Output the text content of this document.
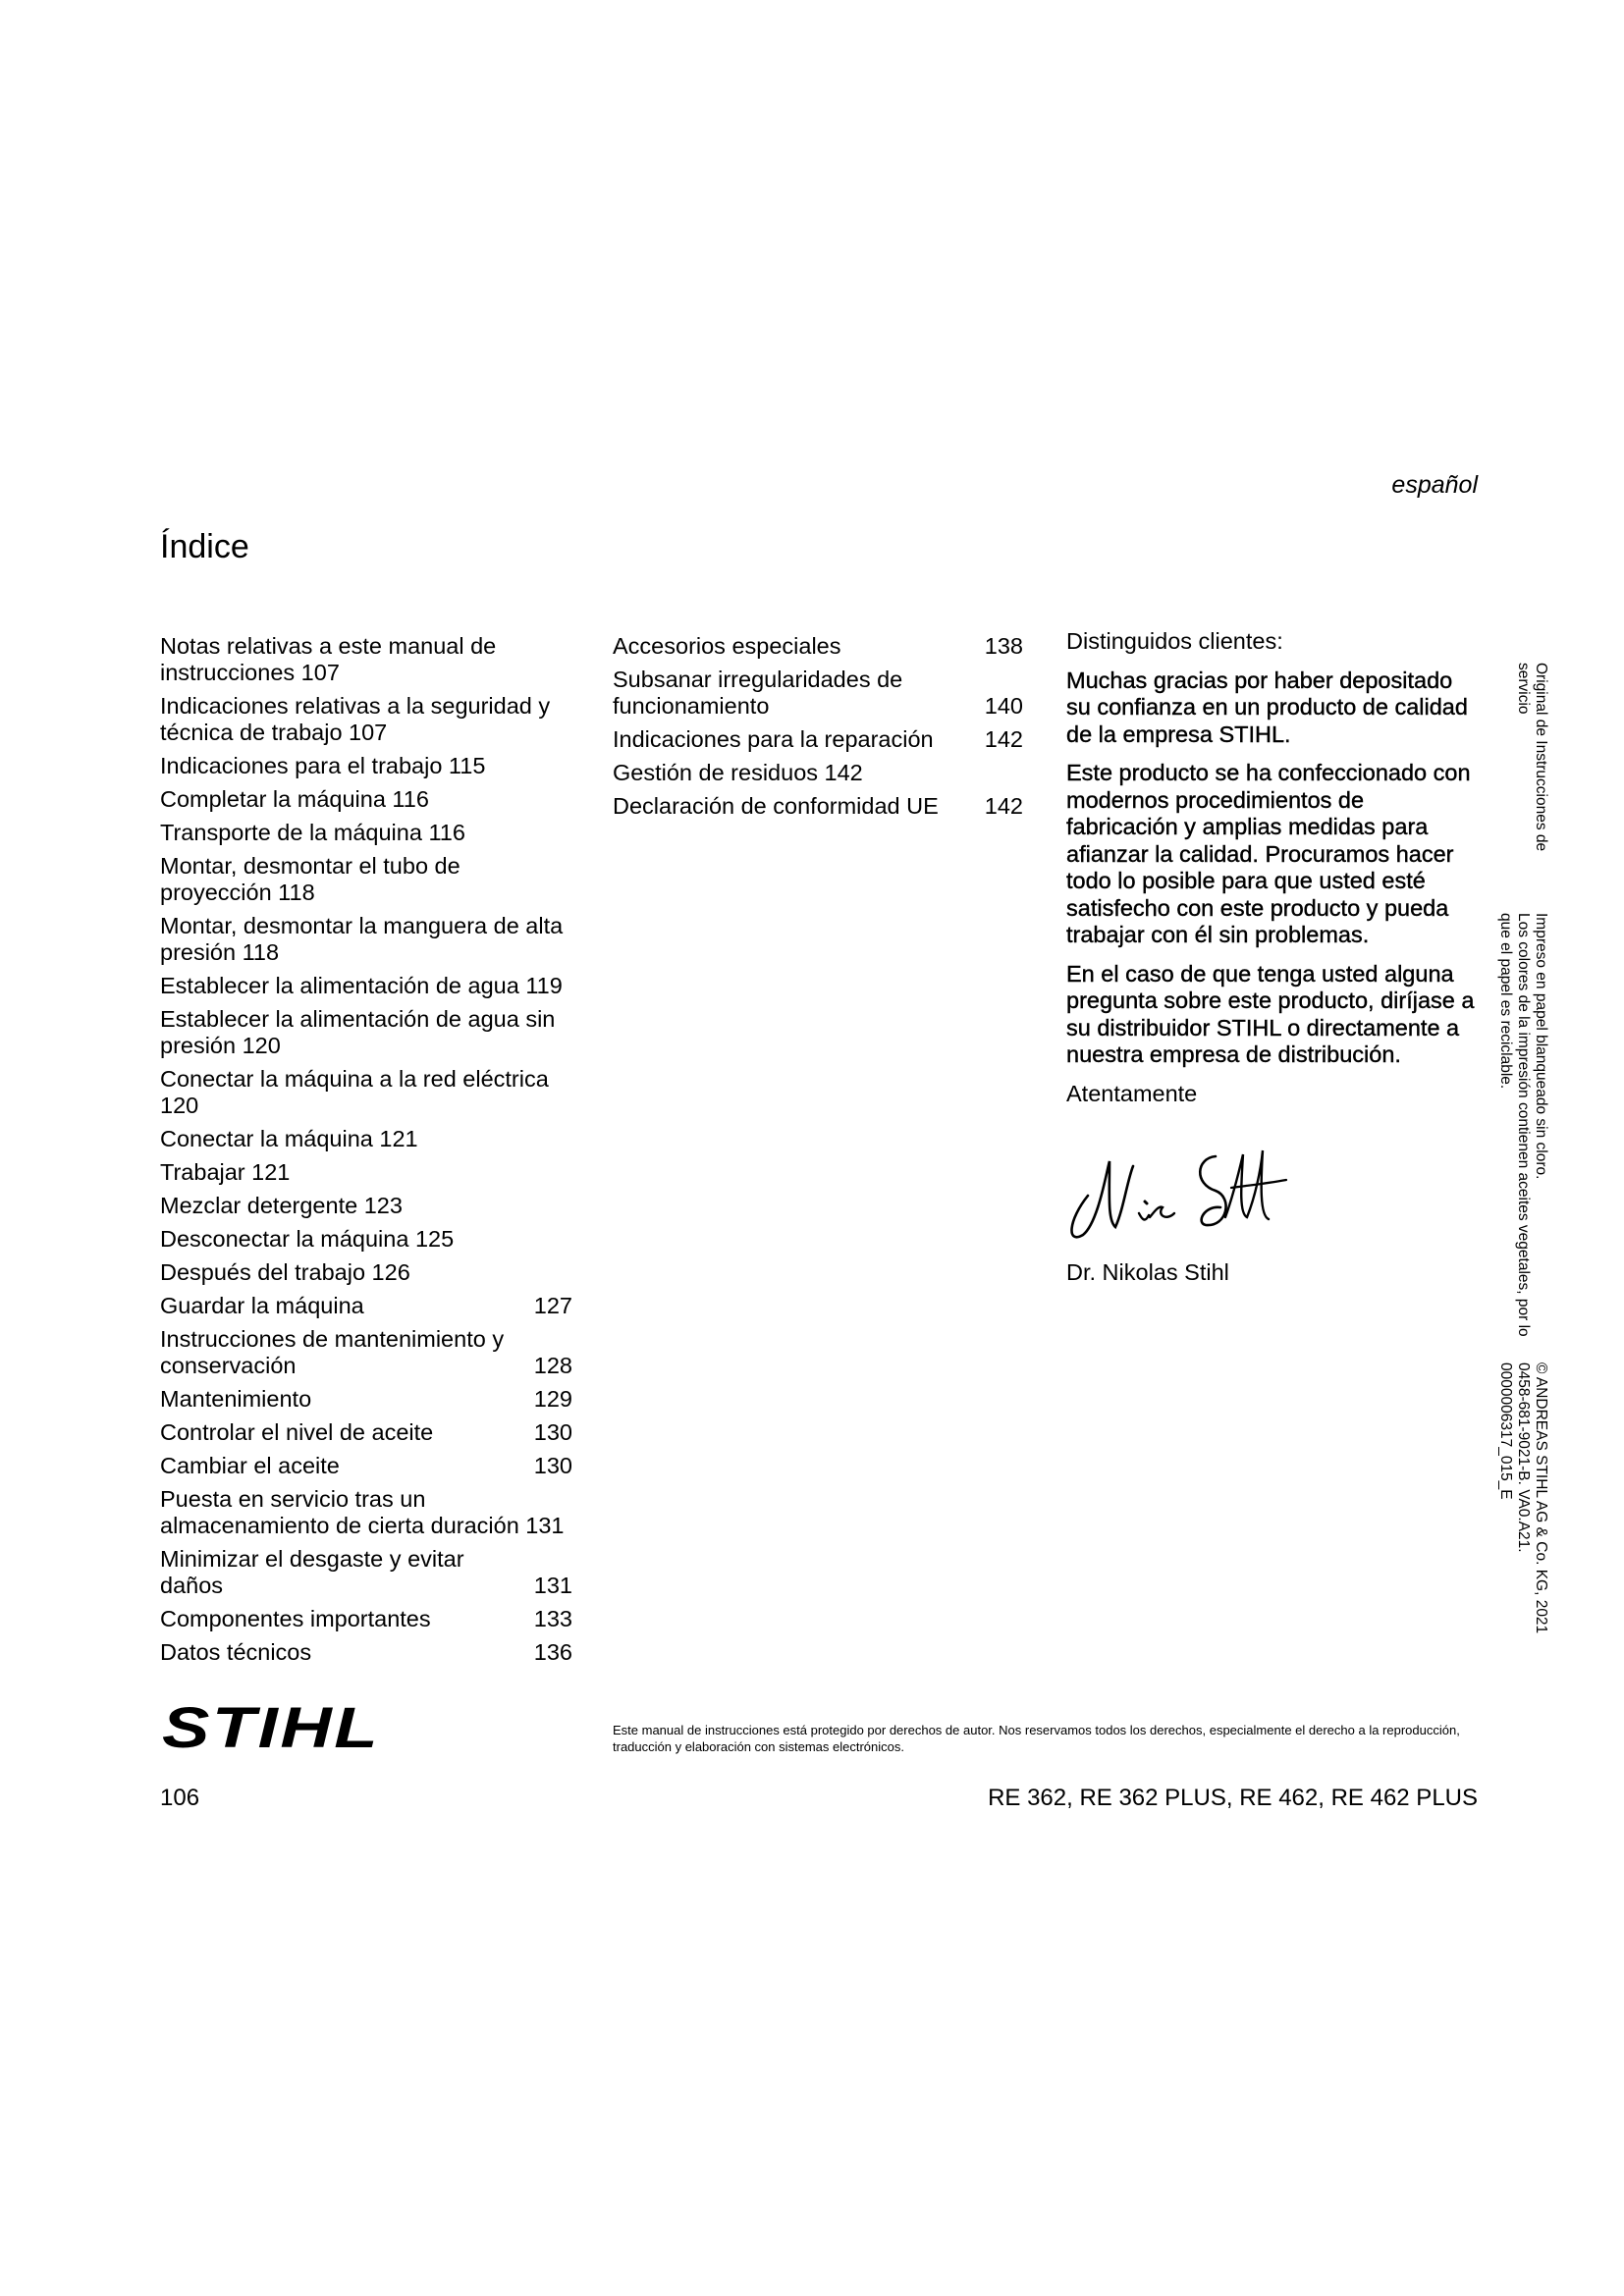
español
Índice
Notas relativas a este manual de instrucciones 107
Indicaciones relativas a la seguridad y técnica de trabajo 107
Indicaciones para el trabajo 115
Completar la máquina 116
Transporte de la máquina 116
Montar, desmontar el tubo de proyección 118
Montar, desmontar la manguera de alta presión 118
Establecer la alimentación de agua 119
Establecer la alimentación de agua sin presión 120
Conectar la máquina a la red eléctrica 120
Conectar la máquina 121
Trabajar 121
Mezclar detergente 123
Desconectar la máquina 125
Después del trabajo 126
Guardar la máquina	127
Instrucciones de mantenimiento y conservación	128
Mantenimiento	129
Controlar el nivel de aceite	130
Cambiar el aceite	130
Puesta en servicio tras un almacenamiento de cierta duración 131
Minimizar el desgaste y evitar daños	131
Componentes importantes	133
Datos técnicos	136
Accesorios especiales	138
Subsanar irregularidades de funcionamiento	140
Indicaciones para la reparación 142
Gestión de residuos 142
Declaración de conformidad UE 142

Distinguidos clientes:

Muchas gracias por haber depositado su confianza en un producto de calidad de la empresa STIHL.

Este producto se ha confeccionado con modernos procedimientos de fabricación y amplias medidas para afianzar la calidad. Procuramos hacer todo lo posible para que usted esté satisfecho con este producto y pueda trabajar con él sin problemas.

En el caso de que tenga usted alguna pregunta sobre este producto, diríjase a su distribuidor STIHL o directamente a nuestra empresa de distribución.

Atentamente

Dr. Nikolas Stihl

Original de Instrucciones de
servicio
Impreso en papel blanqueado sin cloro.
Los colores de la impresión contienen aceites vegetales, por lo
que el papel es reciclable.
© ANDREAS STIHL AG & Co. KG, 2021
0458-681-9021-B. VA0.A21.
0000006317_015_E
STIHL	Este manual de instrucciones está protegido por derechos de autor. Nos reservamos todos los derechos, especialmente el derecho a la reproducción, traducción y elaboración con sistemas electrónicos.
106	RE 362, RE 362 PLUS, RE 462, RE 462 PLUS
